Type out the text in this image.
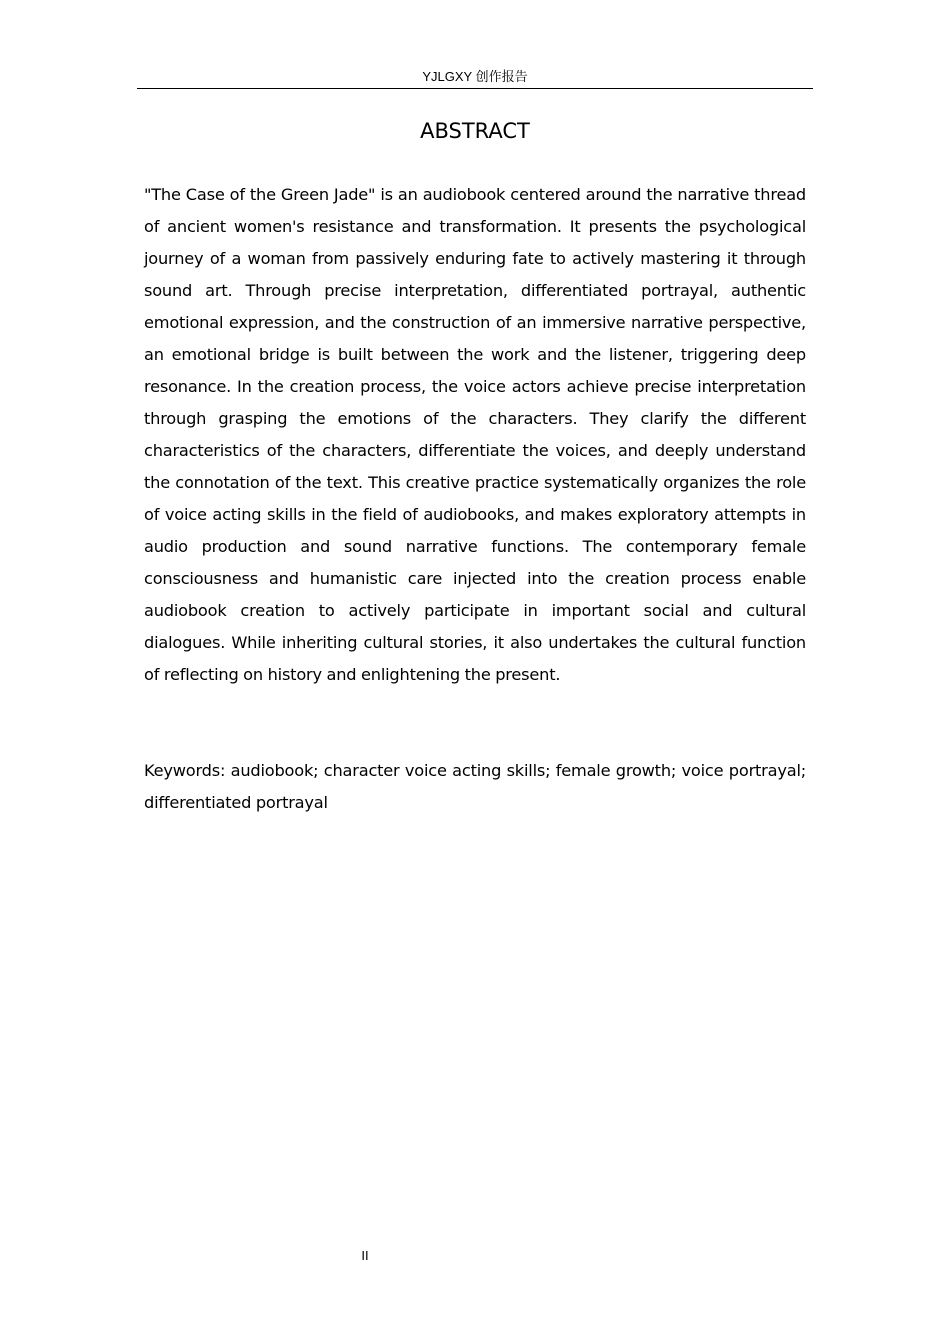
YJLGXY 创作报告
ABSTRACT

"The Case of the Green Jade" is an audiobook centered around the narrative thread of ancient women's resistance and transformation. It presents the psychological journey of a woman from passively enduring fate to actively mastering it through sound art. Through precise interpretation, differentiated portrayal, authentic emotional expression, and the construction of an immersive narrative perspective, an emotional bridge is built between the work and the listener, triggering deep resonance. In the creation process, the voice actors achieve precise interpretation through grasping the emotions of the characters. They clarify the different characteristics of the characters, differentiate the voices, and deeply understand the connotation of the text. This creative practice systematically organizes the role of voice acting skills in the field of audiobooks, and makes exploratory attempts in audio production and sound narrative functions. The contemporary female consciousness and humanistic care injected into the creation process enable audiobook creation to actively participate in important social and cultural dialogues. While inheriting cultural stories, it also undertakes the cultural function of reflecting on history and enlightening the present.

Keywords: audiobook; character voice acting skills; female growth; voice portrayal; differentiated portrayal

II
